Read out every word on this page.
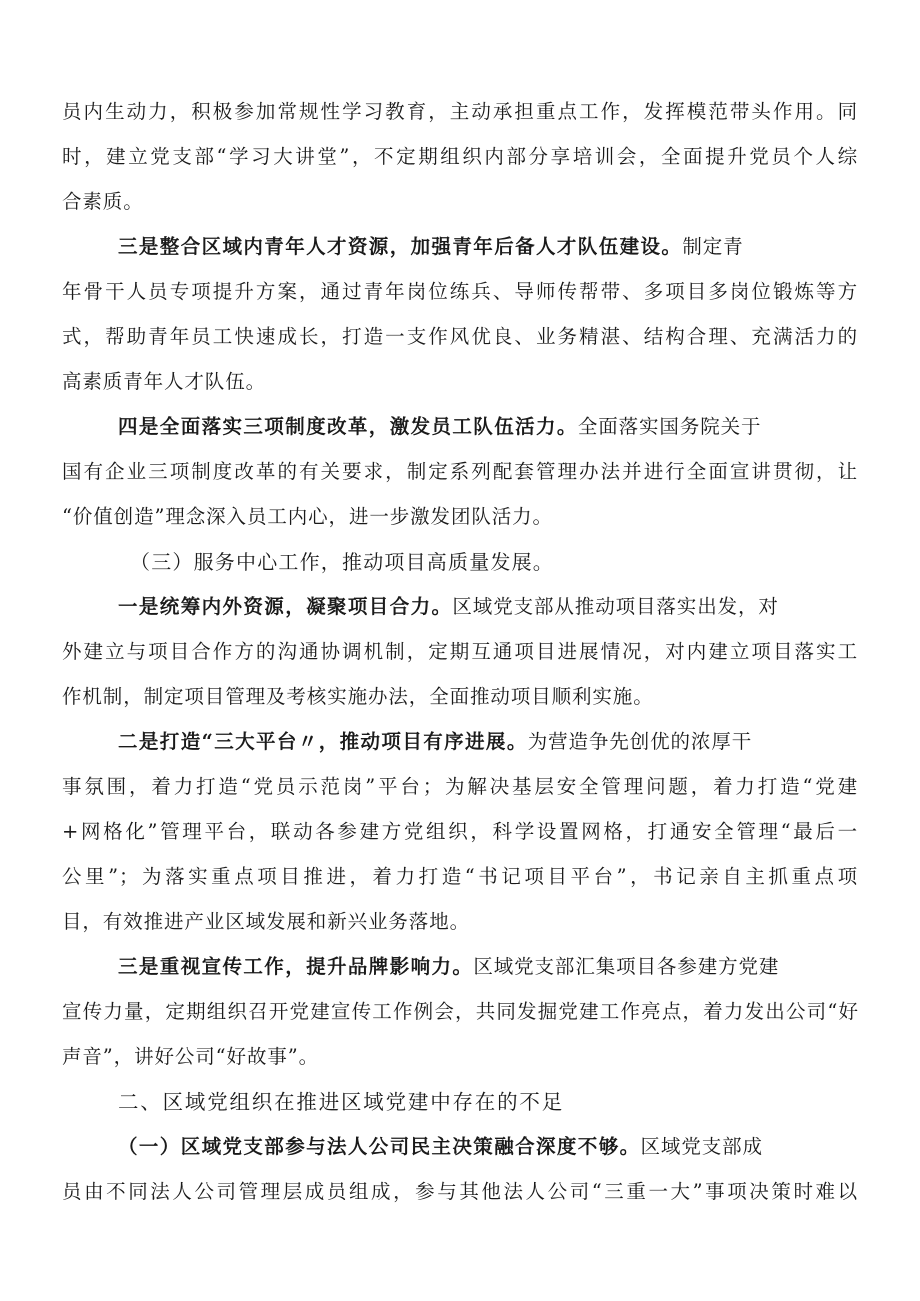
员内生动力，积极参加常规性学习教育，主动承担重点工作，发挥模范带头作用。同
时，建立党支部“学习大讲堂”，不定期组织内部分享培训会，全面提升党员个人综
合素质。
三是整合区域内青年人才资源，加强青年后备人才队伍建设。制定青
年骨干人员专项提升方案，通过青年岗位练兵、导师传帮带、多项目多岗位锻炼等方
式，帮助青年员工快速成长，打造一支作风优良、业务精湛、结构合理、充满活力的
高素质青年人才队伍。
四是全面落实三项制度改革，激发员工队伍活力。全面落实国务院关于
国有企业三项制度改革的有关要求，制定系列配套管理办法并进行全面宣讲贯彻，让
“价值创造”理念深入员工内心，进一步激发团队活力。
（三）服务中心工作，推动项目高质量发展。
一是统筹内外资源，凝聚项目合力。区域党支部从推动项目落实出发，对
外建立与项目合作方的沟通协调机制，定期互通项目进展情况，对内建立项目落实工
作机制，制定项目管理及考核实施办法，全面推动项目顺利实施。
二是打造“三大平台〃，推动项目有序进展。为营造争先创优的浓厚干
事氛围，着力打造“党员示范岗”平台；为解决基层安全管理问题，着力打造“党建
+网格化”管理平台，联动各参建方党组织，科学设置网格，打通安全管理“最后一
公里”；为落实重点项目推进，着力打造“书记项目平台”，书记亲自主抓重点项
目，有效推进产业区域发展和新兴业务落地。
三是重视宣传工作，提升品牌影响力。区域党支部汇集项目各参建方党建
宣传力量，定期组织召开党建宣传工作例会，共同发掘党建工作亮点，着力发出公司“好
声音”，讲好公司“好故事”。
二、区域党组织在推进区域党建中存在的不足
（一）区域党支部参与法人公司民主决策融合深度不够。区域党支部成
员由不同法人公司管理层成员组成，参与其他法人公司“三重一大”事项决策时难以
